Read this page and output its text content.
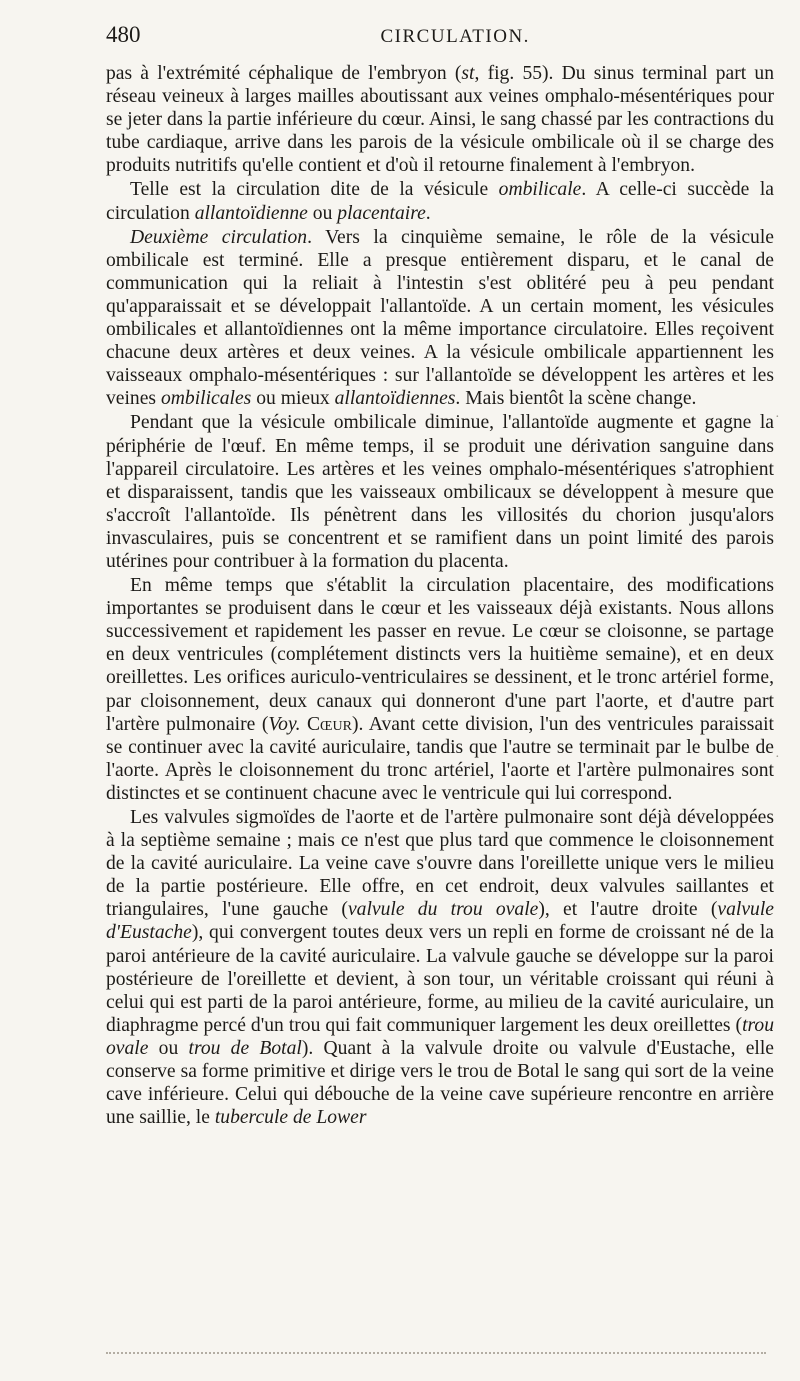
480	CIRCULATION.

pas à l'extrémité céphalique de l'embryon (st, fig. 55). Du sinus terminal part un réseau veineux à larges mailles aboutissant aux veines omphalo-mésentériques pour se jeter dans la partie inférieure du cœur. Ainsi, le sang chassé par les contractions du tube cardiaque, arrive dans les parois de la vésicule ombilicale où il se charge des produits nutritifs qu'elle contient et d'où il retourne finalement à l'embryon.

Telle est la circulation dite de la vésicule ombilicale. A celle-ci succède la circulation allantoïdienne ou placentaire.

Deuxième circulation. Vers la cinquième semaine, le rôle de la vésicule ombilicale est terminé. Elle a presque entièrement disparu, et le canal de communication qui la reliait à l'intestin s'est oblitéré peu à peu pendant qu'apparaissait et se développait l'allantoïde. A un certain moment, les vésicules ombilicales et allantoïdiennes ont la même importance circulatoire. Elles reçoivent chacune deux artères et deux veines. A la vésicule ombilicale appartiennent les vaisseaux omphalo-mésentériques : sur l'allantoïde se développent les artères et les veines ombilicales ou mieux allantoïdiennes. Mais bientôt la scène change.

Pendant que la vésicule ombilicale diminue, l'allantoïde augmente et gagne la périphérie de l'œuf. En même temps, il se produit une dérivation sanguine dans l'appareil circulatoire. Les artères et les veines omphalo-mésentériques s'atrophient et disparaissent, tandis que les vaisseaux ombilicaux se développent à mesure que s'accroît l'allantoïde. Ils pénètrent dans les villosités du chorion jusqu'alors invasculaires, puis se concentrent et se ramifient dans un point limité des parois utérines pour contribuer à la formation du placenta.

En même temps que s'établit la circulation placentaire, des modifications importantes se produisent dans le cœur et les vaisseaux déjà existants. Nous allons successivement et rapidement les passer en revue. Le cœur se cloisonne, se partage en deux ventricules (complétement distincts vers la huitième semaine), et en deux oreillettes. Les orifices auriculo-ventriculaires se dessinent, et le tronc artériel forme, par cloisonnement, deux canaux qui donneront d'une part l'aorte, et d'autre part l'artère pulmonaire (Voy. Cœur). Avant cette division, l'un des ventricules paraissait se continuer avec la cavité auriculaire, tandis que l'autre se terminait par le bulbe de l'aorte. Après le cloisonnement du tronc artériel, l'aorte et l'artère pulmonaires sont distinctes et se continuent chacune avec le ventricule qui lui correspond.

Les valvules sigmoïdes de l'aorte et de l'artère pulmonaire sont déjà développées à la septième semaine ; mais ce n'est que plus tard que commence le cloisonnement de la cavité auriculaire. La veine cave s'ouvre dans l'oreillette unique vers le milieu de la partie postérieure. Elle offre, en cet endroit, deux valvules saillantes et triangulaires, l'une gauche (valvule du trou ovale), et l'autre droite (valvule d'Eustache), qui convergent toutes deux vers un repli en forme de croissant né de la paroi antérieure de la cavité auriculaire. La valvule gauche se développe sur la paroi postérieure de l'oreillette et devient, à son tour, un véritable croissant qui réuni à celui qui est parti de la paroi antérieure, forme, au milieu de la cavité auriculaire, un diaphragme percé d'un trou qui fait communiquer largement les deux oreillettes (trou ovale ou trou de Botal). Quant à la valvule droite ou valvule d'Eustache, elle conserve sa forme primitive et dirige vers le trou de Botal le sang qui sort de la veine cave inférieure. Celui qui débouche de la veine cave supérieure rencontre en arrière une saillie, le tubercule de Lower

·
·
